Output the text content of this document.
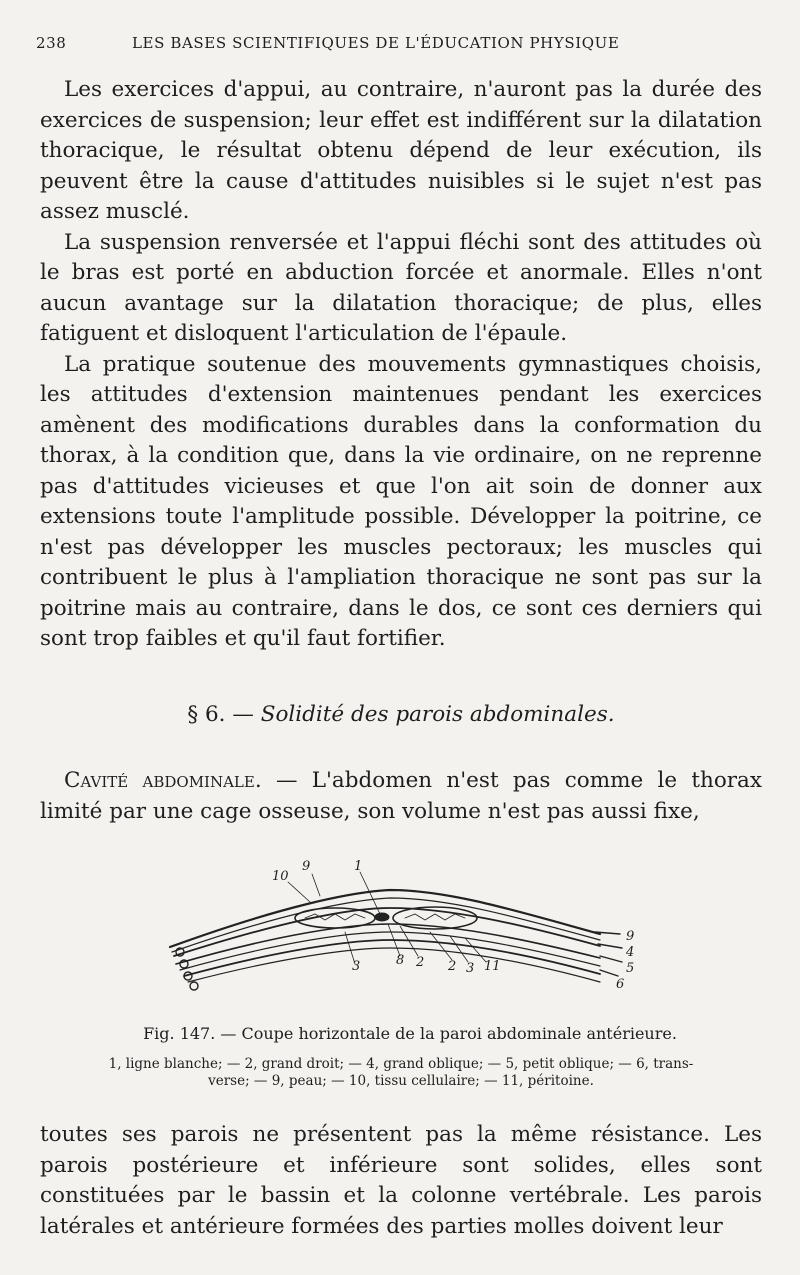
238	LES BASES SCIENTIFIQUES DE L'ÉDUCATION PHYSIQUE

Les exercices d'appui, au contraire, n'auront pas la durée des exercices de suspension; leur effet est indifférent sur la dilatation thoracique, le résultat obtenu dépend de leur exécution, ils peuvent être la cause d'attitudes nuisibles si le sujet n'est pas assez musclé.

La suspension renversée et l'appui fléchi sont des attitudes où le bras est porté en abduction forcée et anormale. Elles n'ont aucun avantage sur la dilatation thoracique; de plus, elles fatiguent et disloquent l'articulation de l'épaule.

La pratique soutenue des mouvements gymnastiques choisis, les attitudes d'extension maintenues pendant les exercices amènent des modifications durables dans la conformation du thorax, à la condition que, dans la vie ordinaire, on ne reprenne pas d'attitudes vicieuses et que l'on ait soin de donner aux extensions toute l'amplitude possible. Développer la poitrine, ce n'est pas développer les muscles pectoraux; les muscles qui contribuent le plus à l'ampliation thoracique ne sont pas sur la poitrine mais au contraire, dans le dos, ce sont ces derniers qui sont trop faibles et qu'il faut fortifier.

§ 6. — Solidité des parois abdominales.

Cavité abdominale. — L'abdomen n'est pas comme le thorax limité par une cage osseuse, son volume n'est pas aussi fixe,

10
9	1
3	8 2 2 3 11
9
4
5
6
Fig. 147. — Coupe horizontale de la paroi abdominale antérieure.
1, ligne blanche; — 2, grand droit; — 4, grand oblique; — 5, petit oblique; — 6, trans-
verse; — 9, peau; — 10, tissu cellulaire; — 11, péritoine.

toutes ses parois ne présentent pas la même résistance. Les parois postérieure et inférieure sont solides, elles sont constituées par le bassin et la colonne vertébrale. Les parois latérales et antérieure formées des parties molles doivent leur
